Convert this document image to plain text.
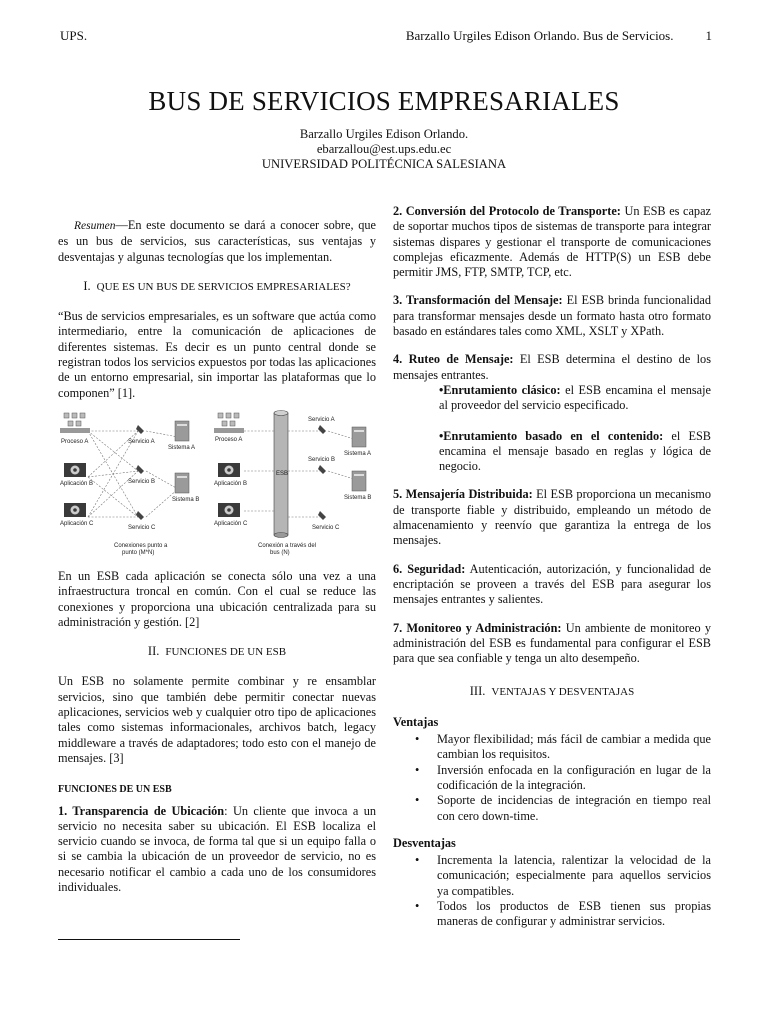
UPS.	Barzallo Urgiles Edison Orlando. Bus de Servicios. 1
BUS DE SERVICIOS EMPRESARIALES
Barzallo Urgiles Edison Orlando.
ebarzallou@est.ups.edu.ec
UNIVERSIDAD POLITÉCNICA SALESIANA

Resumen—En este documento se dará a conocer sobre, que es un bus de servicios, sus características, sus ventajas y desventajas y algunas tecnologías que los implementan.

I. QUE ES UN BUS DE SERVICIOS EMPRESARIALES?

“Bus de servicios empresariales, es un software que actúa como intermediario, entre la comunicación de aplicaciones de diferentes sistemas. Es decir es un punto central donde se registran todos los servicios expuestos por todas las aplicaciones de un entorno empresarial, sin importar las plataformas que lo componen” [1].

Proceso A
Aplicación B
Aplicación C
Servicio A
Servicio B
Servicio C
Sistema A
Sistema B
Conexiones punto a
punto (M*N)
Proceso A
Aplicación B
Aplicación C
ESB
Servicio A
Servicio B
Servicio C
Sistema A
Sistema B
Conexión a través del
bus (N)

En un ESB cada aplicación se conecta sólo una vez a una infraestructura troncal en común. Con el cual se reduce las conexiones y proporciona una ubicación centralizada para su administración y gestión. [2]

II. FUNCIONES DE UN ESB

Un ESB no solamente permite combinar y re ensamblar servicios, sino que también debe permitir conectar nuevas aplicaciones, servicios web y cualquier otro tipo de aplicaciones tales como sistemas informacionales, archivos batch, legacy middleware a través de adaptadores; todo esto con el manejo de mensajes. [3]

FUNCIONES DE UN ESB

1. Transparencia de Ubicación: Un cliente que invoca a un servicio no necesita saber su ubicación. El ESB localiza el servicio cuando se invoca, de forma tal que si un equipo falla o si se cambia la ubicación de un proveedor de servicio, no es necesario notificar el cambio a cada uno de los consumidores individuales.

2. Conversión del Protocolo de Transporte: Un ESB es capaz de soportar muchos tipos de sistemas de transporte para integrar sistemas dispares y gestionar el transporte de comunicaciones complejas eficazmente. Además de HTTP(S) un ESB debe permitir JMS, FTP, SMTP, TCP, etc.

3. Transformación del Mensaje: El ESB brinda funcionalidad para transformar mensajes desde un formato hasta otro formato basado en estándares tales como XML, XSLT y XPath.

4. Ruteo de Mensaje: El ESB determina el destino de los mensajes entrantes.

•Enrutamiento clásico: el ESB encamina el mensaje al proveedor del servicio especificado.

•Enrutamiento basado en el contenido: el ESB encamina el mensaje basado en reglas y lógica de negocio.

5. Mensajería Distribuida: El ESB proporciona un mecanismo de transporte fiable y distribuido, empleando un método de almacenamiento y reenvío que garantiza la entrega de los mensajes.

6. Seguridad: Autenticación, autorización, y funcionalidad de encriptación se proveen a través del ESB para asegurar los mensajes entrantes y salientes.

7. Monitoreo y Administración: Un ambiente de monitoreo y administración del ESB es fundamental para configurar el ESB para que sea confiable y tenga un alto desempeño.

III. VENTAJAS Y DESVENTAJAS
Ventajas
• Mayor flexibilidad; más fácil de cambiar a medida que cambian los requisitos.
• Inversión enfocada en la configuración en lugar de la codificación de la integración.
• Soporte de incidencias de integración en tiempo real con cero down-time.
Desventajas
• Incrementa la latencia, ralentizar la velocidad de la comunicación; especialmente para aquellos servicios ya compatibles.
• Todos los productos de ESB tienen sus propias maneras de configurar y administrar servicios.
